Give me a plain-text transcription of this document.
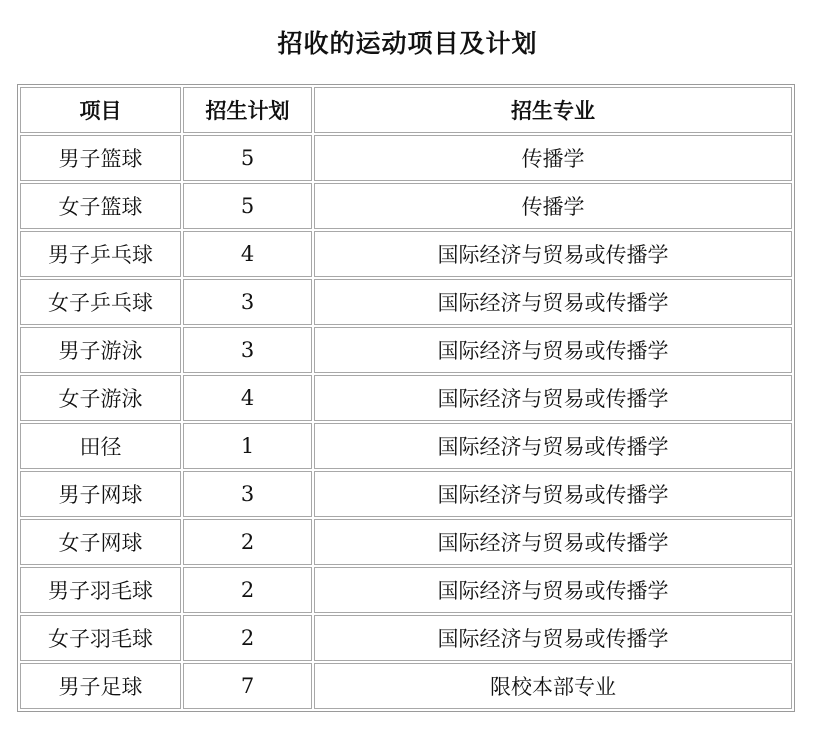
招收的运动项目及计划
项目	招生计划	招生专业
男子篮球	5	传播学
女子篮球	5	传播学
男子乒乓球	4	国际经济与贸易或传播学
女子乒乓球	3	国际经济与贸易或传播学
男子游泳	3	国际经济与贸易或传播学
女子游泳	4	国际经济与贸易或传播学
田径	1	国际经济与贸易或传播学
男子网球	3	国际经济与贸易或传播学
女子网球	2	国际经济与贸易或传播学
男子羽毛球	2	国际经济与贸易或传播学
女子羽毛球	2	国际经济与贸易或传播学
男子足球	7	限校本部专业
